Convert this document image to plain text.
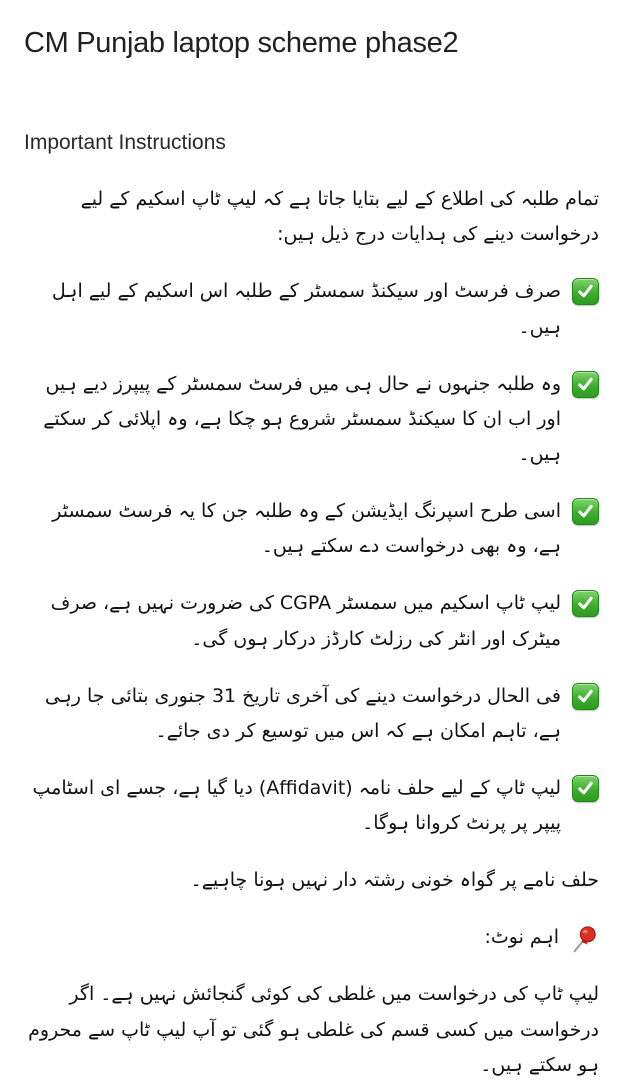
CM Punjab laptop scheme phase2
Important Instructions

تمام طلبہ کی اطلاع کے لیے بتایا جاتا ہے کہ لیپ ٹاپ اسکیم کے لیے درخواست دینے کی ہدایات درج ذیل ہیں:

صرف فرسٹ اور سیکنڈ سمسٹر کے طلبہ اس اسکیم کے لیے اہل ہیں۔
وہ طلبہ جنہوں نے حال ہی میں فرسٹ سمسٹر کے پیپرز دیے ہیں اور اب ان کا سیکنڈ سمسٹر شروع ہو چکا ہے، وہ اپلائی کر سکتے ہیں۔
اسی طرح اسپرنگ ایڈیشن کے وہ طلبہ جن کا یہ فرسٹ سمسٹر ہے، وہ بھی درخواست دے سکتے ہیں۔
لیپ ٹاپ اسکیم میں سمسٹر CGPA کی ضرورت نہیں ہے، صرف میٹرک اور انٹر کی رزلٹ کارڈز درکار ہوں گی۔
فی الحال درخواست دینے کی آخری تاریخ 31 جنوری بتائی جا رہی ہے، تاہم امکان ہے کہ اس میں توسیع کر دی جائے۔
لیپ ٹاپ کے لیے حلف نامہ (Affidavit) دیا گیا ہے، جسے ای اسٹامپ پیپر پر پرنٹ کروانا ہوگا۔

حلف نامے پر گواہ خونی رشتہ دار نہیں ہونا چاہیے۔

اہم نوٹ:

لیپ ٹاپ کی درخواست میں غلطی کی کوئی گنجائش نہیں ہے۔ اگر درخواست میں کسی قسم کی غلطی ہو گئی تو آپ لیپ ٹاپ سے محروم ہو سکتے ہیں۔
